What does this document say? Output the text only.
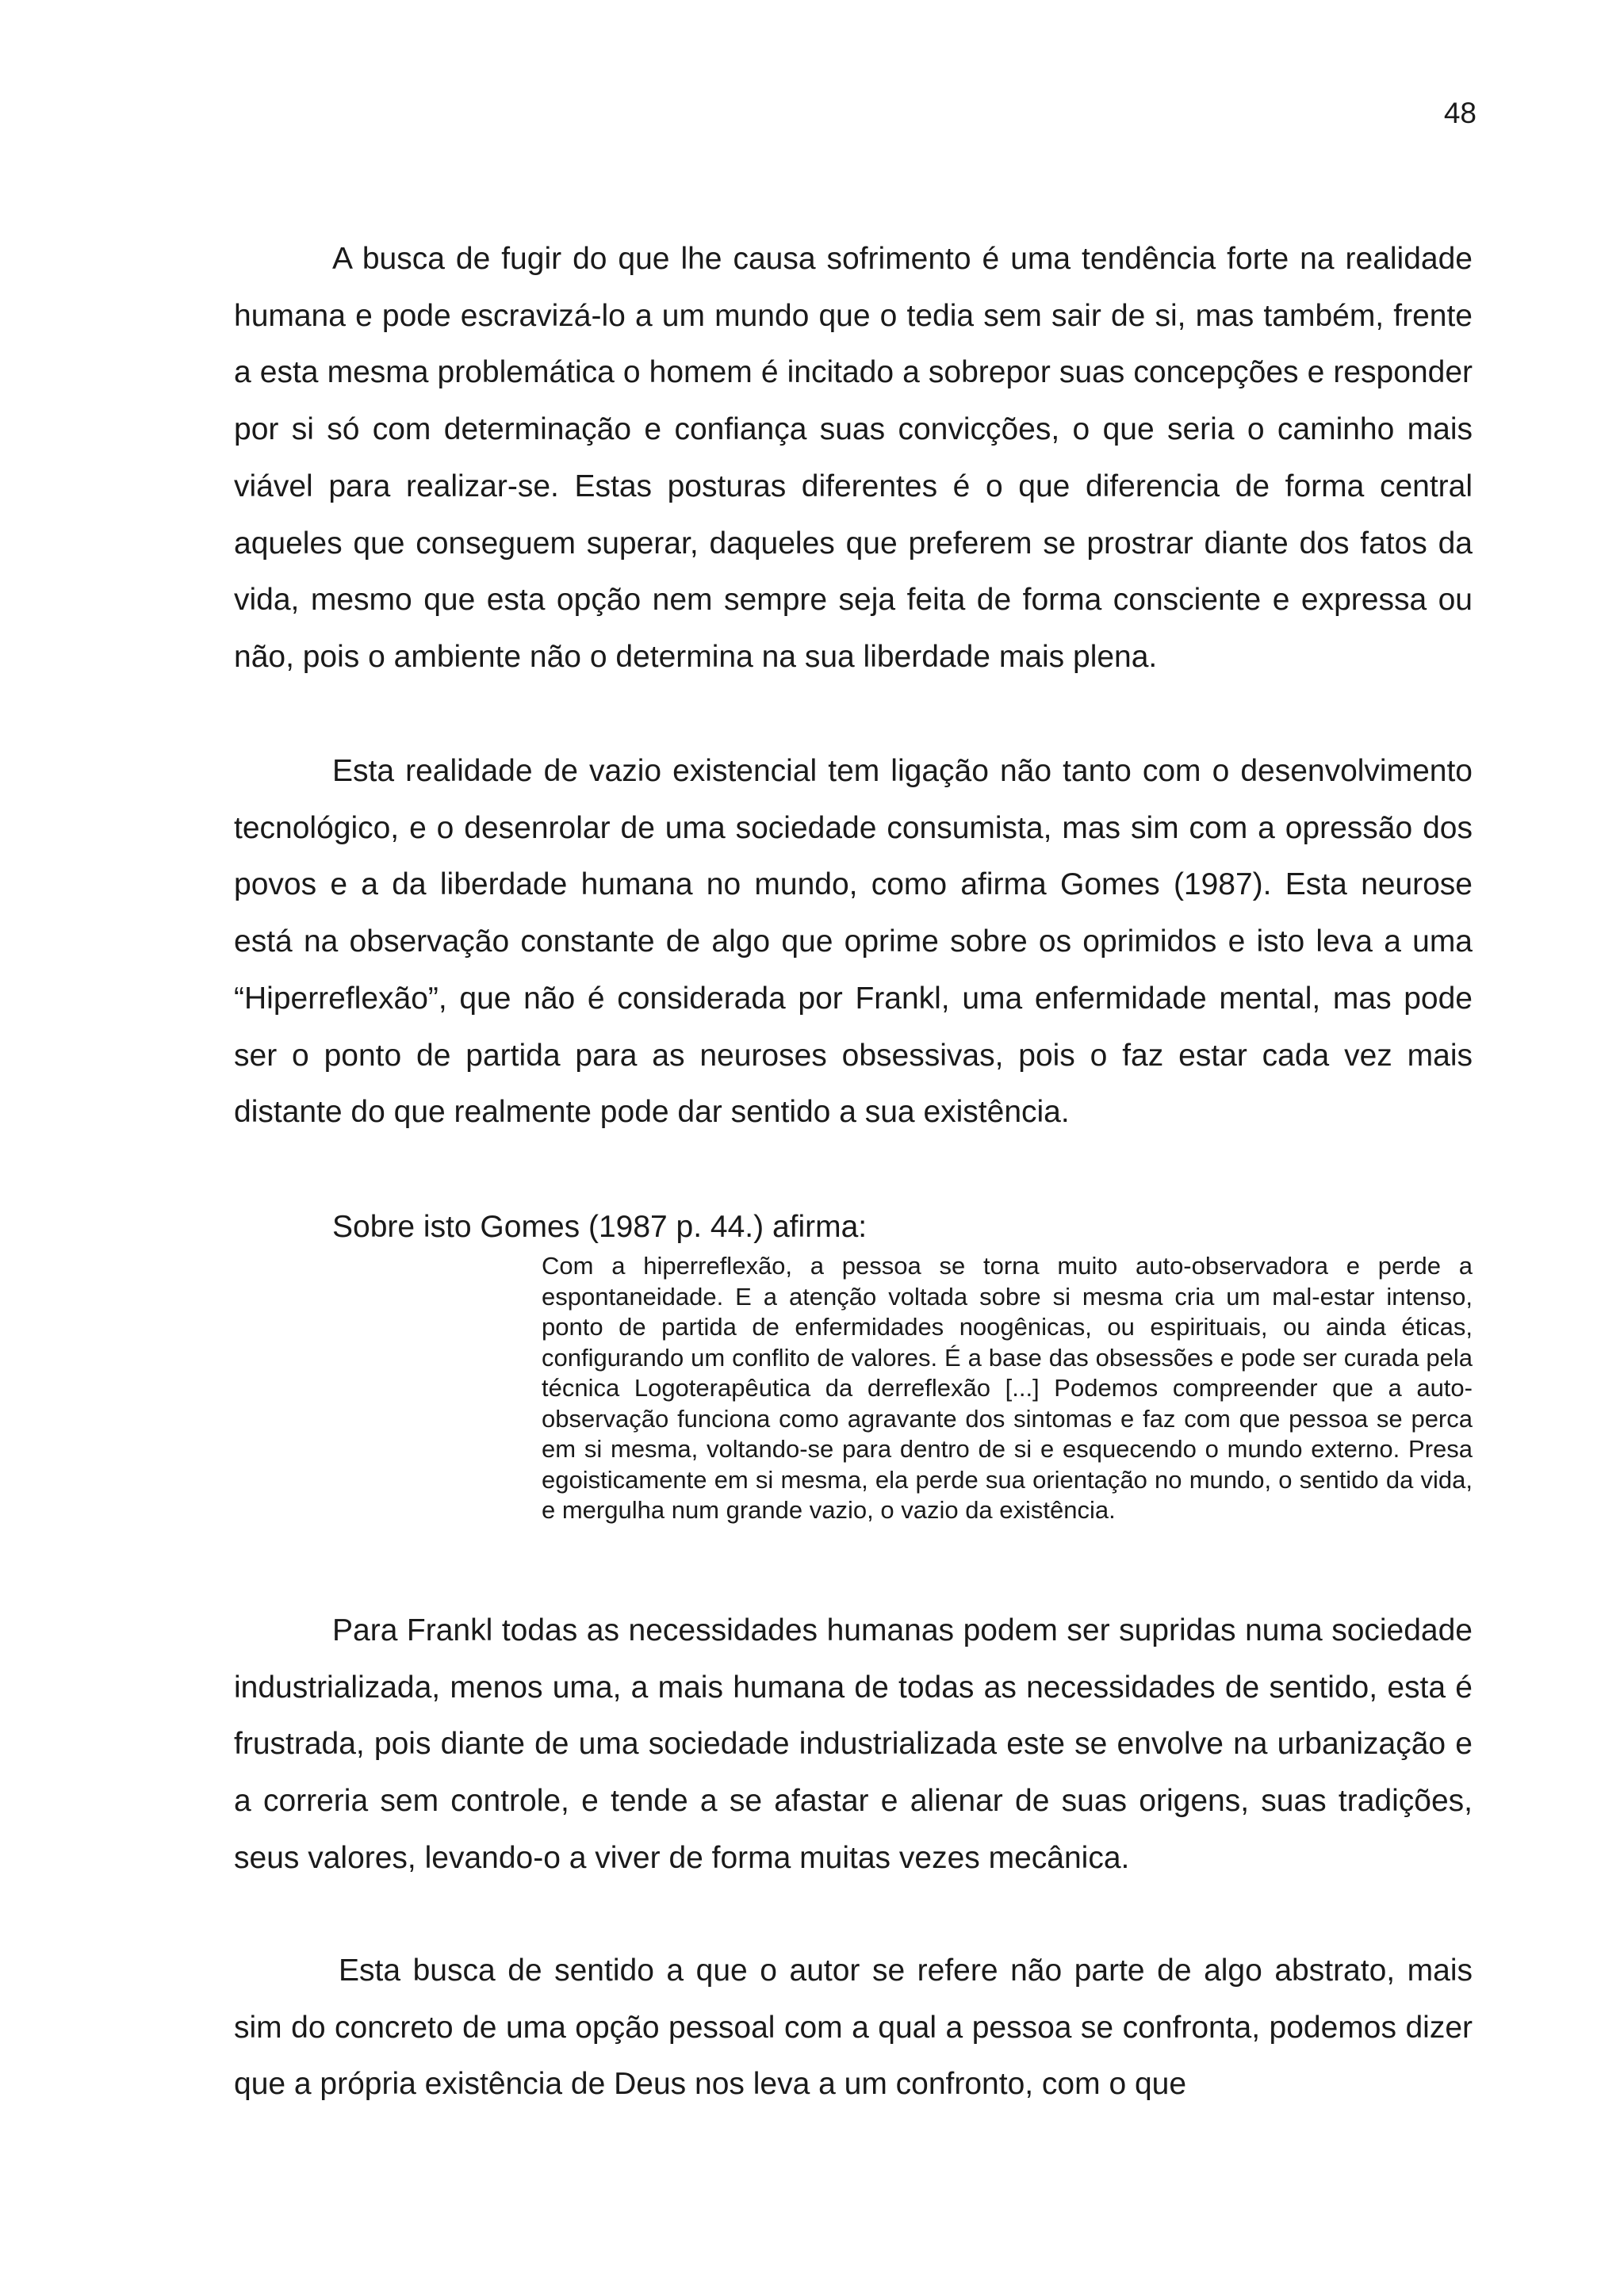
48

A busca de fugir do que lhe causa sofrimento é uma tendência forte na realidade humana e pode escravizá-lo a um mundo que o tedia sem sair de si, mas também, frente a esta mesma problemática o homem é incitado a sobrepor suas concepções e responder por si só com determinação e confiança suas convicções, o que seria o caminho mais viável para realizar-se. Estas posturas diferentes é o que diferencia de forma central aqueles que conseguem superar, daqueles que preferem se prostrar diante dos fatos da vida, mesmo que esta opção nem sempre seja feita de forma consciente e expressa ou não, pois o ambiente não o determina na sua liberdade mais plena.

Esta realidade de vazio existencial tem ligação não tanto com o desenvolvimento tecnológico, e o desenrolar de uma sociedade consumista, mas sim com a opressão dos povos e a da liberdade humana no mundo, como afirma Gomes (1987). Esta neurose está na observação constante de algo que oprime sobre os oprimidos e isto leva a uma “Hiperreflexão”, que não é considerada por Frankl, uma enfermidade mental, mas pode ser o ponto de partida para as neuroses obsessivas, pois o faz estar cada vez mais distante do que realmente pode dar sentido a sua existência.

Sobre isto Gomes (1987 p. 44.) afirma:

Com a hiperreflexão, a pessoa se torna muito auto-observadora e perde a espontaneidade. E a atenção voltada sobre si mesma cria um mal-estar intenso, ponto de partida de enfermidades noogênicas, ou espirituais, ou ainda éticas, configurando um conflito de valores. É a base das obsessões e pode ser curada pela técnica Logoterapêutica da derreflexão [...] Podemos compreender que a auto-observação funciona como agravante dos sintomas e faz com que pessoa se perca em si mesma, voltando-se para dentro de si e esquecendo o mundo externo. Presa egoisticamente em si mesma, ela perde sua orientação no mundo, o sentido da vida, e mergulha num grande vazio, o vazio da existência.

Para Frankl todas as necessidades humanas podem ser supridas numa sociedade industrializada, menos uma, a mais humana de todas as necessidades de sentido, esta é frustrada, pois diante de uma sociedade industrializada este se envolve na urbanização e a correria sem controle, e tende a se afastar e alienar de suas origens, suas tradições, seus valores, levando-o a viver de forma muitas vezes mecânica.

Esta busca de sentido a que o autor se refere não parte de algo abstrato, mais sim do concreto de uma opção pessoal com a qual a pessoa se confronta, podemos dizer que a própria existência de Deus nos leva a um confronto, com o que
